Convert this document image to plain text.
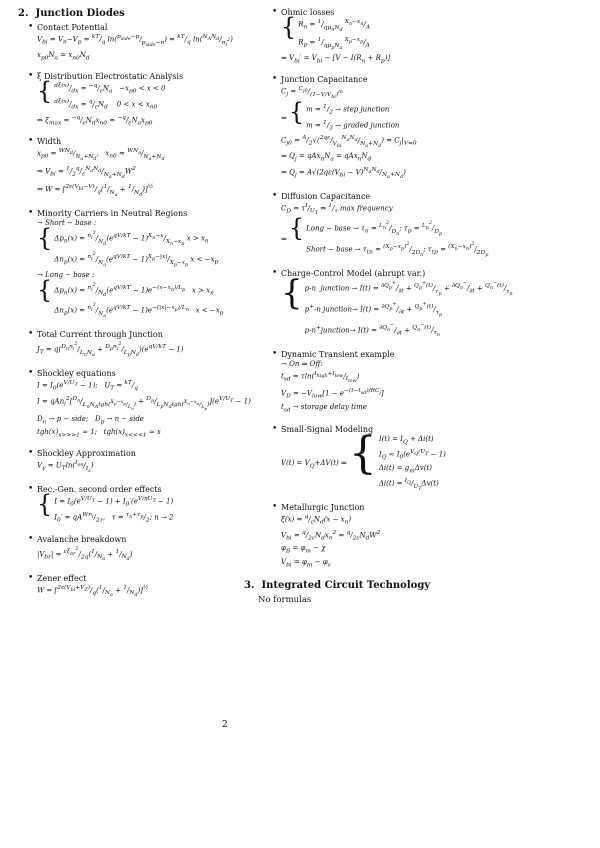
2. Junction Diodes
• Contact Potential
$V_{bi} = V_n-V_p = ^{kT}/_q$ $\ln(^{p_{side}-p}/_{p_{side}-n}) = ^{kT}/_q$ $\ln(^{N_AN_d}/_{n_i^2})$
$x_{p0}N_a = x_{n0}N_d$
• ξ Distribution Electrostatic Analysis
{ $^{d\xi(x)}/_{dx} = ^{-q}/_\varepsilon N_a -x_{p0} < x < 0$
$^{d\xi(x)}/_{dx} = ^q/_\varepsilon N_d$    $0 < x < x_{n0}$
⇒ $\xi_{max} = ^{-q}/_\varepsilon N_dx_{n0} = ^{-q}/_\varepsilon N_ax_{p0}$
• Width
$x_{p0} = ^{WN_d}/_{N_a+N_d}$,   $x_{n0} = ^{WN_a}/_{N_a+N_d}$
⇒ $V_{bi} = ^1/_2^q/_\varepsilon^{N_aN_d}/_{N_a+N_d}W^2$
⇒ $W = [^{2\varepsilon(V_{bi}-V)}/_q(^1/_{N_a} + ^1/_{N_d})]^{\frac{1}{2}}$
• Minority Carriers in Neutral Regions
→ Short − base :
{ $\Delta p_n(x) = ^{n_i^2}/_{N_d}(e^{qV/kT} - 1)^{X_n-x}/_{X_n-x_n}$ $x > x_n$
$\Delta n_p(x) = ^{n_i^2}/_{N_a}(e^{qV/kT} - 1)^{X_p-|x|}/_{X_p-x_p}$ $x < -x_p$
→ Long − base :
{ $\Delta p_n(x) = ^{n_i^2}/_{N_d}(e^{qV/kT} - 1)e^{-(x-x_n)/L_p}$   $x > x_n$
$\Delta n_p(x) = ^{n_i^2}/_{N_a}(e^{qV/kT} - 1)e^{-(|x|-x_p)/L_n}$   $x < -x_p$
• Total Current through Junction
$J_T = q(^{D_nn_i^2}/_{L_nN_a} + ^{D_pn_i^2}/_{L_pN_d})(e^{qV/kT} - 1)$
• Shockley equations
$I = I_0(e^{V/U_T} - 1)$;   $U_T = ^{kT}/_q$
$I = qAn_i^2[^{D_n}/_{L_nN_Atgh(^{X_p-x_p}/_{L_n})} + ^{D_p}/_{L_pN_dtgh(^{X_n-x_n}/_{L_p})}](e^{V/U_T} - 1)$
$D_n \to p$ − side;   $D_p \to n$ − side
$tgh(x)_{x>>>1} \approx 1$;   $tgh(x)_{x<<<1} \approx x$
• Shockley Approximation
$V_\gamma = U_T\ln(^{I_{on}}/_{I_s})$
• Rec.-Gen. second order effects
{ $I = I_0(e^{V/U_T} - 1) + I_0'(e^{V/\eta U_T} - 1)$
$I_0' = qA^{Wn_i}/_{2\tau}$,   $\tau = ^{\tau_n+\tau_p}/_2$; n → 2
• Avalanche breakdown
$|V_{br}| = ^{\varepsilon\xi_{br}^2}/_{2q}(^1/_{N_a} + ^1/_{N_d})$
• Zener effect
$W = [^{2\varepsilon(V_{bi}+V_Z)}/_q(^1/_{N_a} + ^1/_{N_d})]^{\frac{1}{2}}$
• Ohmic losses
{ $R_n = ^1/_{q\mu_nN_d}$ $^{X_n-x_n}/_A$
$R_p = ^1/_{q\mu_pN_a}$ $^{X_p-x_p}/_A$
⇒ $V_{bi}' = V_{bi} - [V - I(R_n + R_p)]$
• Junction Capacitance
$C_j = ^{C_{j0}}/_{(1-V/V_{bi})^m}$
⇒ { $m = ^1/_2$ → step junction
$m = ^1/_3$ → graded junction
$C_{j0} = ^A/_2√(^{2q\varepsilon}/_{V_{bi}}^{N_aN_d}/_{N_a+N_d}) = C_j|_{V=0}$
⇒ $Q_j = qAx_nN_a = qAx_nN_d$
⇒ $Q_j = A√(2q\varepsilon(V_{bi} - V)^{N_aN_d}/_{N_a+N_d})$
• Diffusion Capacitance
$C_D = \tau^I/_{U_T}$ ⇒ $^1/_\tau$ max frequency
⇒ { Long − base → $\tau_n = ^{L_n^2}/_{D_n}$; $\tau_p = ^{L_p^2}/_{D_p}$
Short − base → $\tau_{tn} = ^{(X_p-x_p)^2}/_{2D_n}$; $\tau_{tp} = ^{(X_n-x_n)^2}/_{2D_p}$
• Charge-Control Model (abrupt var.)
{ p-n  junction → $I(t) = ^{\partial Q_p^+}/_{\partial t} + ^{Q_p^+(t)}/_{\tau_p} + ^{\partial Q_n^-}/_{\partial t} + ^{Q_n^-(t)}/_{\tau_n}$
p+-n junction→ $I(t) = ^{\partial Q_p^+}/_{\partial t} + ^{Q_p^+(t)}/_{\tau_p}$
p-n+junction→ $I(t) = ^{\partial Q_n^-}/_{\partial t} + ^{Q_n^-(t)}/_{\tau_n}$
• Dynamic Transient example
→ On ⇒ Off:
$t_{sd} = \tau\ln(^{I_{high}+I_{low}}/_{I_{low}})$
$V_D = -V_{low}[1 - e^{-(t-t_{sd})/RC_j}]$
$t_{sd}$ → storage delay time
• Small-Signal Modeling
$V(t) = V_Q+\Delta V(t)$ ⇒ { $I(t) = I_Q + \Delta i(t)$
$I_Q \approx I_0(e^{V_Q/U_T} - 1)$
$\Delta i(t) = g_m\Delta v(t)$
$\Delta i(t) = ^{I_Q}/_{U_T}\Delta v(t)$
• Metallurgic Junction
$\xi(x) = ^q/_\varepsilon N_d(x - x_n)$
$V_{bi} = ^q/_{2\varepsilon}N_dx_n^2 = ^q/_{2\varepsilon}N_dW^2$
$\varphi_B = \varphi_m - \chi$
$V_{bi} = \varphi_m - \varphi_s$
3. Integrated Circuit Technology
No formulas
2
